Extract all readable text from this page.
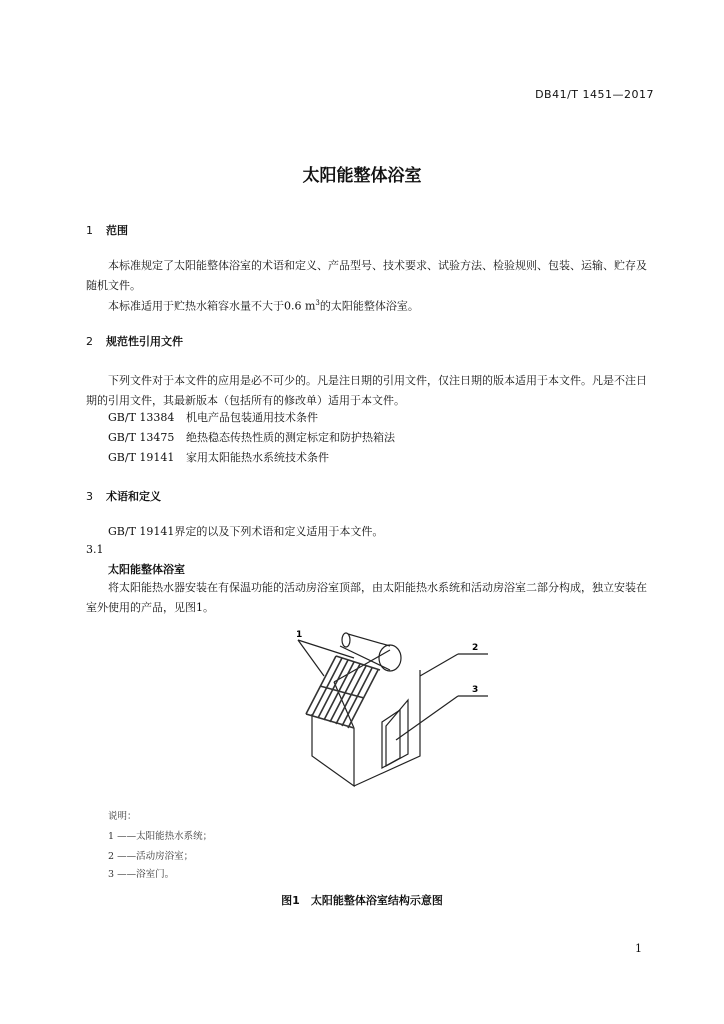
DB41/T 1451—2017
太阳能整体浴室
1 范围
本标准规定了太阳能整体浴室的术语和定义、产品型号、技术要求、试验方法、检验规则、包装、运输、贮存及随机文件。
本标准适用于贮热水箱容水量不大于0.6 $m^3$的太阳能整体浴室。
2 规范性引用文件
下列文件对于本文件的应用是必不可少的。凡是注日期的引用文件，仅注日期的版本适用于本文件。凡是不注日期的引用文件，其最新版本（包括所有的修改单）适用于本文件。
GB/T 13384 机电产品包装通用技术条件
GB/T 13475 绝热稳态传热性质的测定标定和防护热箱法
GB/T 19141 家用太阳能热水系统技术条件
3 术语和定义
GB/T 19141界定的以及下列术语和定义适用于本文件。
3.1
太阳能整体浴室
将太阳能热水器安装在有保温功能的活动房浴室顶部，由太阳能热水系统和活动房浴室二部分构成，独立安装在室外使用的产品，见图1。
1
2
3
说明：
1 ——太阳能热水系统；
2 ——活动房浴室；
3 ——浴室门。
图1　太阳能整体浴室结构示意图
1
